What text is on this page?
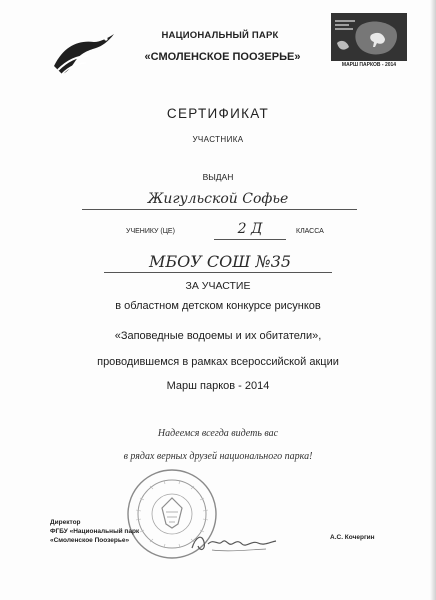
НАЦИОНАЛЬНЫЙ ПАРК
«СМОЛЕНСКОЕ ПООЗЕРЬЕ»
МАРШ ПАРКОВ - 2014
СЕРТИФИКАТ
УЧАСТНИКА
ВЫДАН
Жигульской Софье
УЧЕНИКУ (ЦЕ)	2 Д	КЛАССА
МБОУ СОШ №35
ЗА УЧАСТИЕ
в областном детском конкурсе рисунков
«Заповедные водоемы и их обитатели»,
проводившемся в рамках всероссийской акции
Марш парков - 2014
Надеемся всегда видеть вас
в рядах верных друзей национального парка!
Директор
ФГБУ «Национальный парк
«Смоленское Поозерье»	А.С. Кочергин
